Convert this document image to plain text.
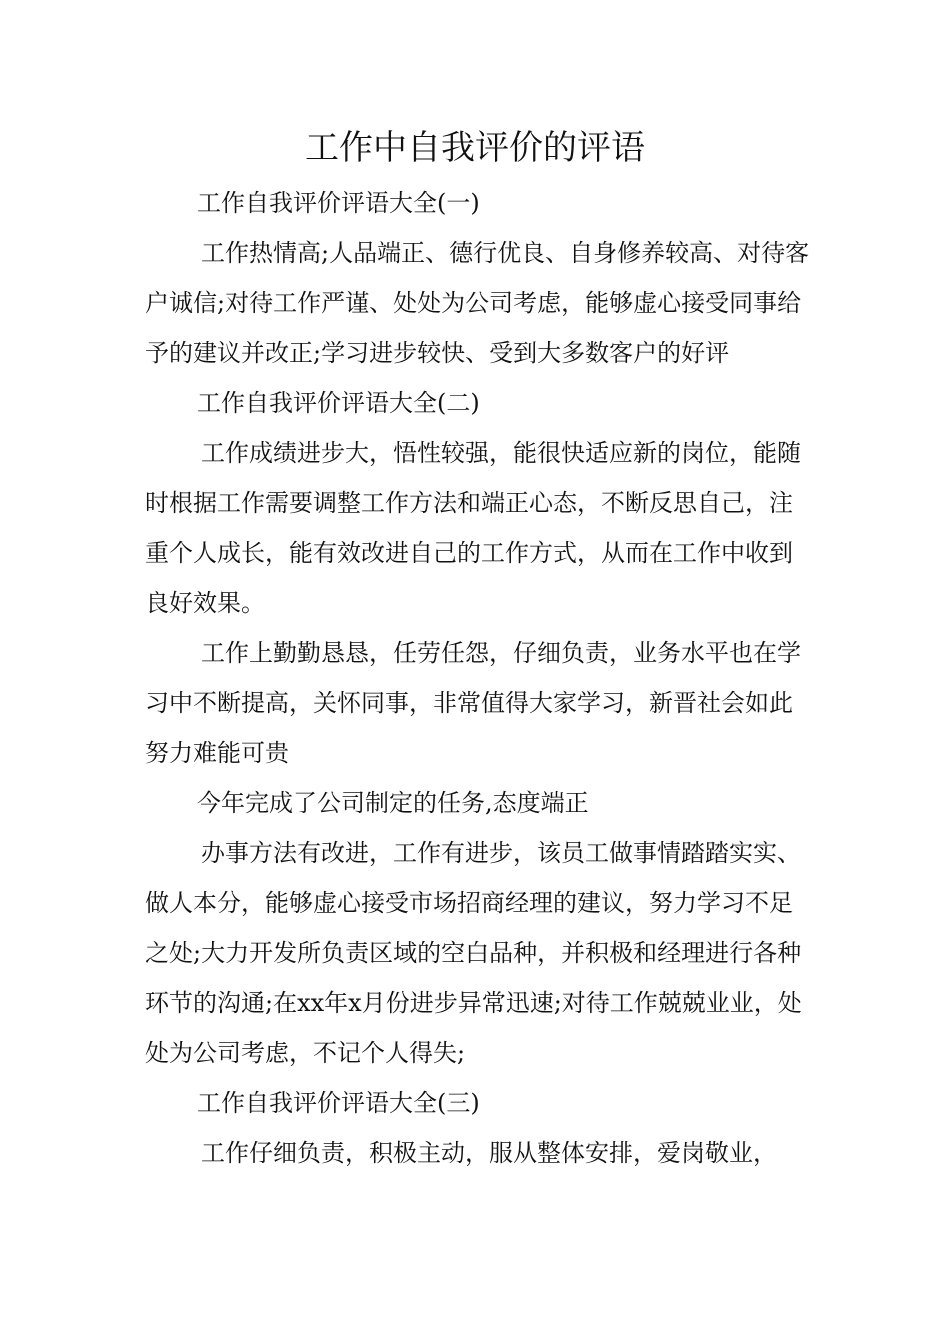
工作中自我评价的评语

工作自我评价评语大全(一)

工作热情高;人品端正、德行优良、自身修养较高、对待客户诚信;对待工作严谨、处处为公司考虑，能够虚心接受同事给予的建议并改正;学习进步较快、受到大多数客户的好评

工作自我评价评语大全(二)

工作成绩进步大，悟性较强，能很快适应新的岗位，能随时根据工作需要调整工作方法和端正心态，不断反思自己，注重个人成长，能有效改进自己的工作方式，从而在工作中收到良好效果。

工作上勤勤恳恳，任劳任怨，仔细负责，业务水平也在学习中不断提高，关怀同事，非常值得大家学习，新晋社会如此努力难能可贵

今年完成了公司制定的任务,态度端正

办事方法有改进，工作有进步，该员工做事情踏踏实实、做人本分，能够虚心接受市场招商经理的建议，努力学习不足之处;大力开发所负责区域的空白品种，并积极和经理进行各种环节的沟通;在xx年x月份进步异常迅速;对待工作兢兢业业，处处为公司考虑，不记个人得失;

工作自我评价评语大全(三)

工作仔细负责，积极主动，服从整体安排，爱岗敬业，
